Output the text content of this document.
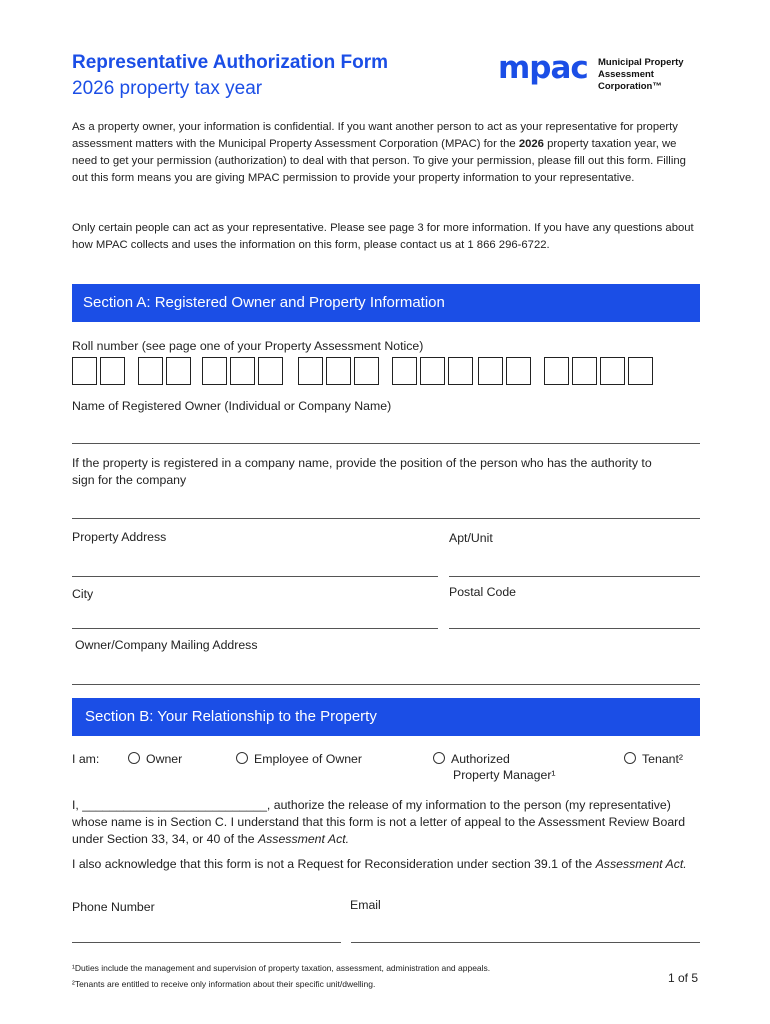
Representative Authorization Form
2026 property tax year
mpac Municipal Property
Assessment Corporation™
As a property owner, your information is confidential. If you want another person to act as your representative for property assessment matters with the Municipal Property Assessment Corporation (MPAC) for the 2026 property taxation year, we need to get your permission (authorization) to deal with that person. To give your permission, please fill out this form. Filling out this form means you are giving MPAC permission to provide your property information to your representative.
Only certain people can act as your representative. Please see page 3 for more information. If you have any questions about how MPAC collects and uses the information on this form, please contact us at 1 866 296-6722.
Section A: Registered Owner and Property Information
Roll number (see page one of your Property Assessment Notice)
Name of Registered Owner (Individual or Company Name)
If the property is registered in a company name, provide the position of the person who has the authority to sign for the company
Property Address	Apt/Unit
City	Postal Code
Owner/Company Mailing Address
Section B: Your Relationship to the Property
I am:	Owner	Employee of Owner	Authorized
Property Manager¹
Tenant²
I, ___________________________, authorize the release of my information to the person (my representative) whose name is in Section C. I understand that this form is not a letter of appeal to the Assessment Review Board under Section 33, 34, or 40 of the Assessment Act.
I also acknowledge that this form is not a Request for Reconsideration under section 39.1 of the Assessment Act.
Phone Number	Email
¹Duties include the management and supervision of property taxation, assessment, administration and appeals.
²Tenants are entitled to receive only information about their specific unit/dwelling.	1 of 5
